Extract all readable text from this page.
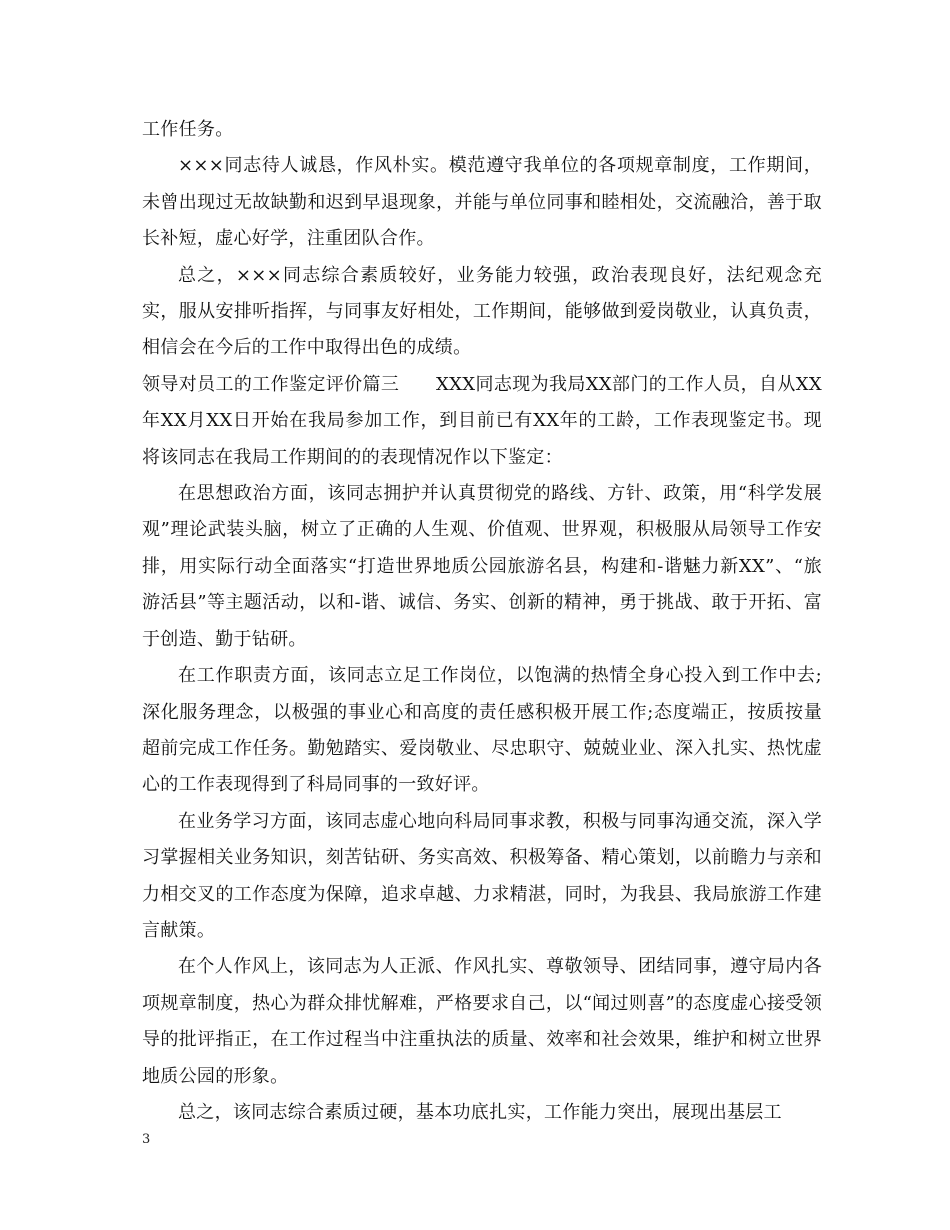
工作任务。

×××同志待人诚恳，作风朴实。模范遵守我单位的各项规章制度，工作期间，未曾出现过无故缺勤和迟到早退现象，并能与单位同事和睦相处，交流融洽，善于取长补短，虚心好学，注重团队合作。

总之，×××同志综合素质较好，业务能力较强，政治表现良好，法纪观念充实，服从安排听指挥，与同事友好相处，工作期间，能够做到爱岗敬业，认真负责，相信会在今后的工作中取得出色的成绩。

领导对员工的工作鉴定评价篇三　　XXX同志现为我局XX部门的工作人员，自从XX年XX月XX日开始在我局参加工作，到目前已有XX年的工龄，工作表现鉴定书。现将该同志在我局工作期间的的表现情况作以下鉴定：

在思想政治方面，该同志拥护并认真贯彻党的路线、方针、政策，用“科学发展观”理论武装头脑，树立了正确的人生观、价值观、世界观，积极服从局领导工作安排，用实际行动全面落实“打造世界地质公园旅游名县，构建和-谐魅力新XX”、“旅游活县”等主题活动，以和-谐、诚信、务实、创新的精神，勇于挑战、敢于开拓、富于创造、勤于钻研。

在工作职责方面，该同志立足工作岗位，以饱满的热情全身心投入到工作中去;深化服务理念，以极强的事业心和高度的责任感积极开展工作;态度端正，按质按量超前完成工作任务。勤勉踏实、爱岗敬业、尽忠职守、兢兢业业、深入扎实、热忱虚心的工作表现得到了科局同事的一致好评。

在业务学习方面，该同志虚心地向科局同事求教，积极与同事沟通交流，深入学习掌握相关业务知识，刻苦钻研、务实高效、积极筹备、精心策划，以前瞻力与亲和力相交叉的工作态度为保障，追求卓越、力求精湛，同时，为我县、我局旅游工作建言献策。

在个人作风上，该同志为人正派、作风扎实、尊敬领导、团结同事，遵守局内各项规章制度，热心为群众排忧解难，严格要求自己，以“闻过则喜”的态度虚心接受领导的批评指正，在工作过程当中注重执法的质量、效率和社会效果，维护和树立世界地质公园的形象。

总之，该同志综合素质过硬，基本功底扎实，工作能力突出，展现出基层工

3
